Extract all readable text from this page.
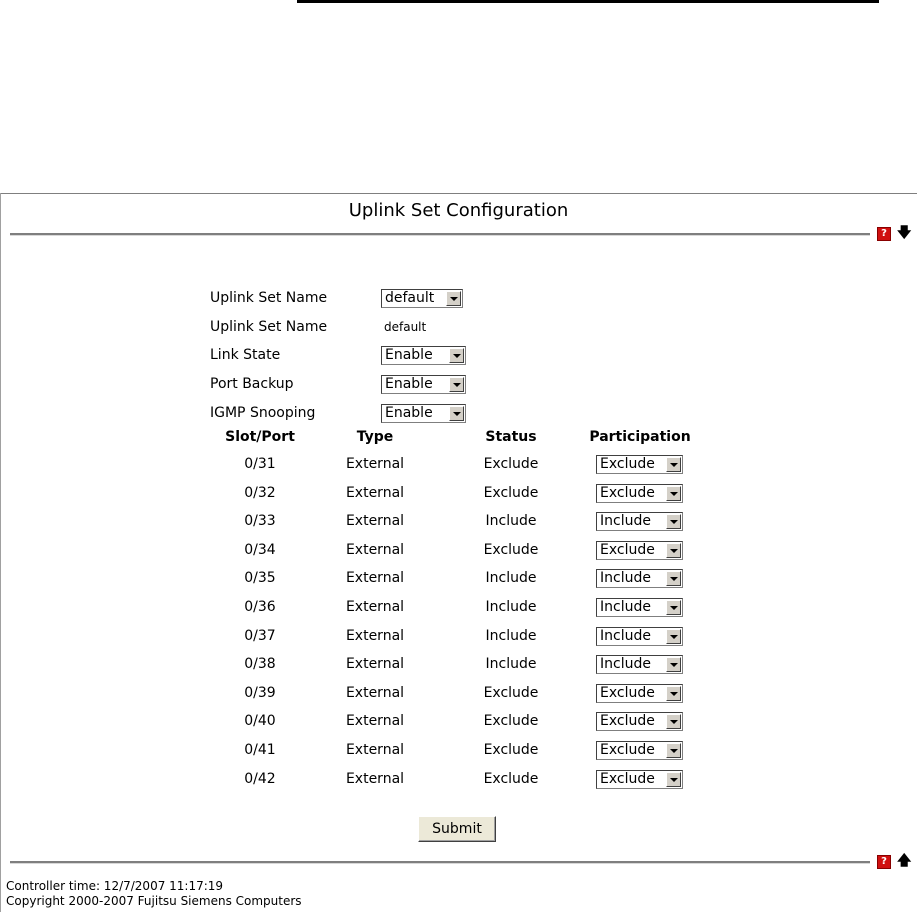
Uplink Set Configuration
? 🡇
Uplink Set Name	default
Uplink Set Name	default
Link State	Enable
Port Backup	Enable
IGMP Snooping	Enable
Slot/Port	Type	Status	Participation
0/31	External	Exclude	Exclude
0/32	External	Exclude	Exclude
0/33	External	Include	Include
0/34	External	Exclude	Exclude
0/35	External	Include	Include
0/36	External	Include	Include
0/37	External	Include	Include
0/38	External	Include	Include
0/39	External	Exclude	Exclude
0/40	External	Exclude	Exclude
0/41	External	Exclude	Exclude
0/42	External	Exclude	Exclude
Submit
? 🡅
Controller time: 12/7/2007 11:17:19
Copyright 2000-2007 Fujitsu Siemens Computers
